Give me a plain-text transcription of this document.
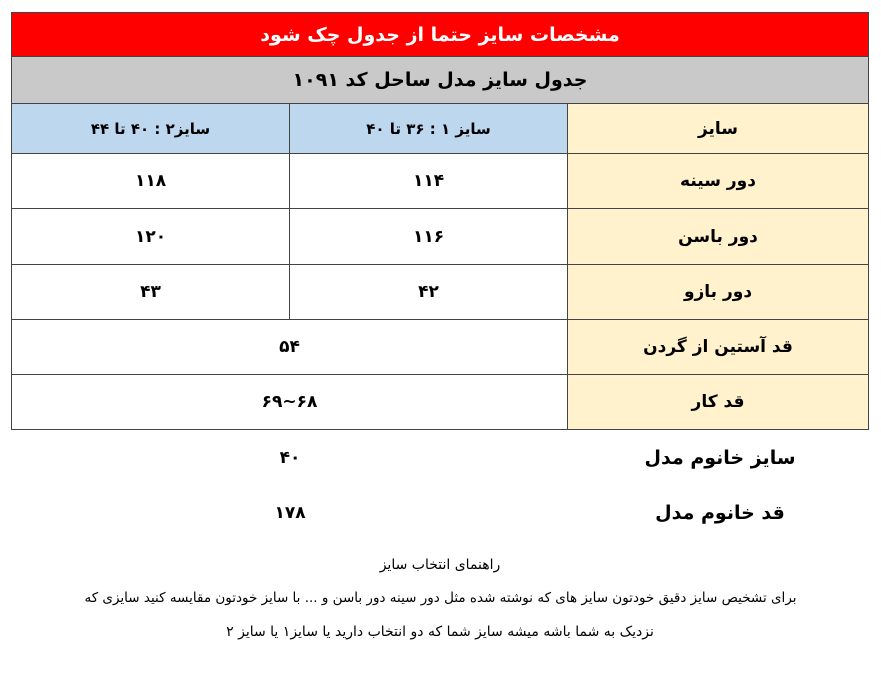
مشخصات سایز حتما از جدول چک شود
جدول سایز مدل ساحل کد ۱۰۹۱
سایز
سایز ۱ : ۳۶ تا ۴۰
سایز۲ : ۴۰ تا ۴۴
دور سینه
۱۱۴
۱۱۸
دور باسن
۱۱۶
۱۲۰
دور بازو
۴۲
۴۳
قد آستین از گردن
۵۴
قد کار
۶۸~۶۹
سایز خانوم مدل
۴۰
قد خانوم مدل
۱۷۸
راهنمای انتخاب سایز
برای تشخیص سایز دقیق خودتون سایز های که نوشته شده مثل دور سینه دور باسن و ... با سایز خودتون مقایسه کنید سایزی که
نزدیک به شما باشه میشه سایز شما که دو انتخاب دارید یا سایز۱ یا سایز ۲
